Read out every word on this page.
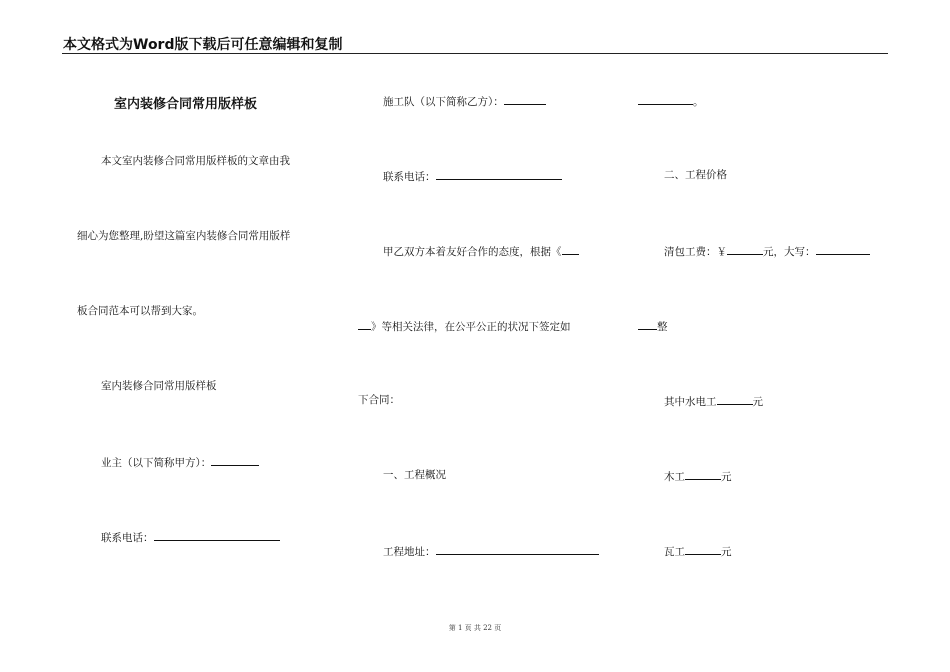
本文格式为Word版下载后可任意编辑和复制
室内装修合同常用版样板
本文室内装修合同常用版样板的文章由我
细心为您整理,盼望这篇室内装修合同常用版样
板合同范本可以帮到大家。
室内装修合同常用版样板
业主（以下简称甲方）：
联系电话：
施工队（以下简称乙方）：
联系电话：
甲乙双方本着友好合作的态度，根据《
》等相关法律，在公平公正的状况下签定如
下合同：
一、工程概况
工程地址：
。
二、工程价格
清包工费：￥	元，大写：
整
其中水电工	元
木工	元
瓦工	元
第 1 页 共 22 页
